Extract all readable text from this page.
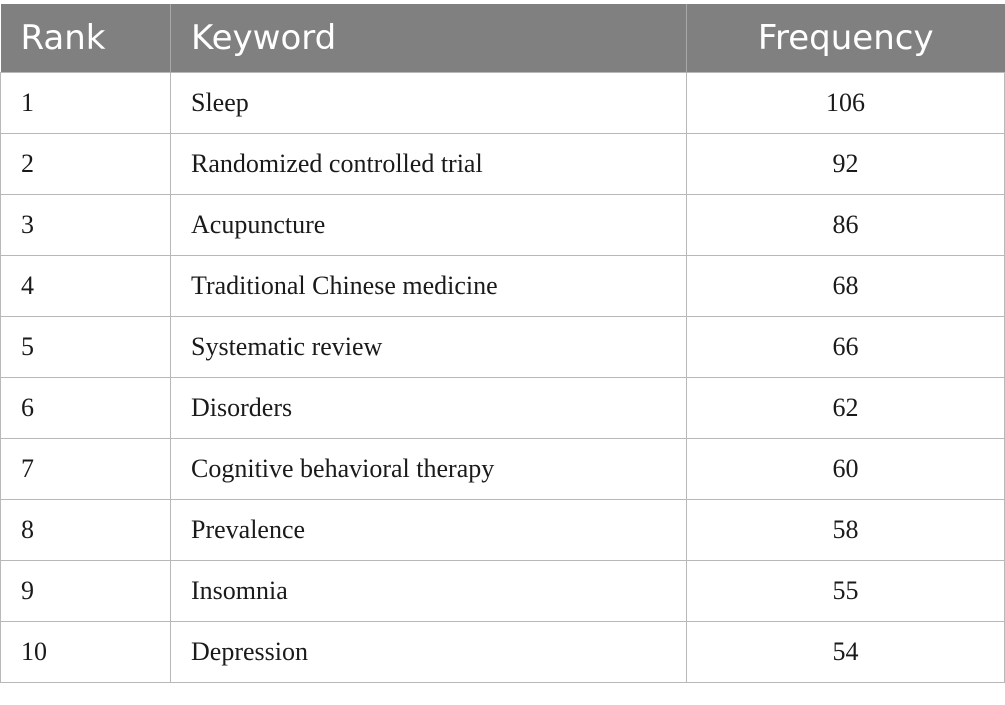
Rank	Keyword	Frequency
1	Sleep	106
2	Randomized controlled trial	92
3	Acupuncture	86
4	Traditional Chinese medicine	68
5	Systematic review	66
6	Disorders	62
7	Cognitive behavioral therapy	60
8	Prevalence	58
9	Insomnia	55
10	Depression	54
